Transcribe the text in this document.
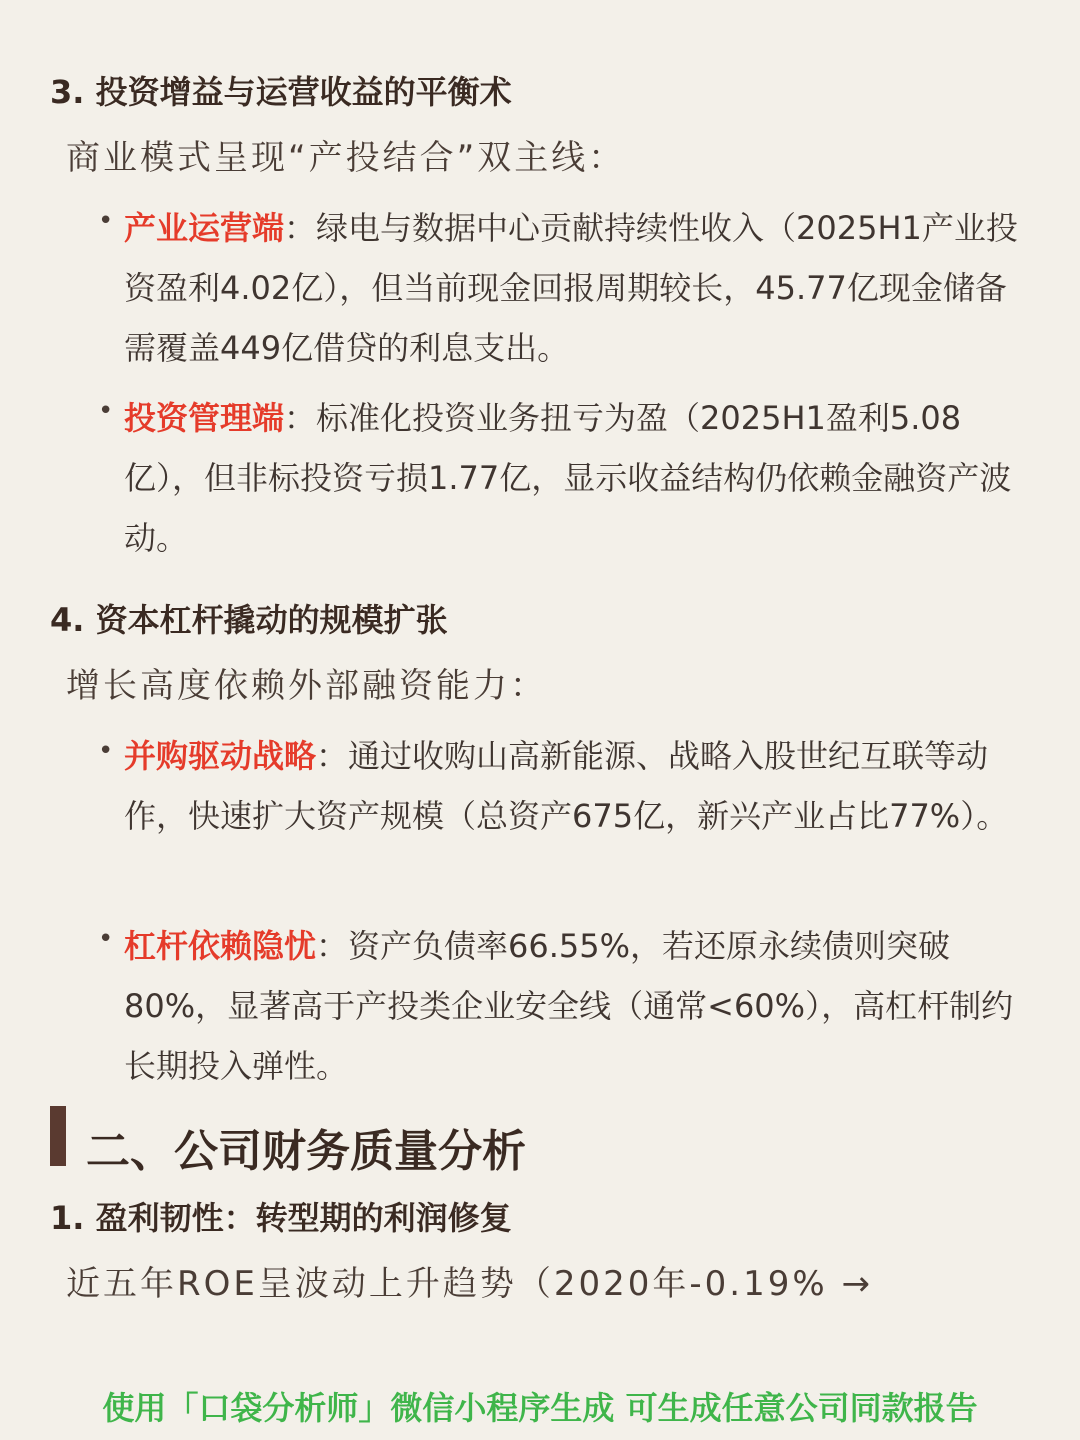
3. 投资增益与运营收益的平衡术
商业模式呈现“产投结合”双主线：
• 产业运营端：绿电与数据中心贡献持续性收入（2025H1产业投资盈利4.02亿），但当前现金回报周期较长，45.77亿现金储备需覆盖449亿借贷的利息支出。

• 投资管理端：标准化投资业务扭亏为盈（2025H1盈利5.08亿），但非标投资亏损1.77亿，显示收益结构仍依赖金融资产波动。

4. 资本杠杆撬动的规模扩张
增长高度依赖外部融资能力：
• 并购驱动战略：通过收购山高新能源、战略入股世纪互联等动作，快速扩大资产规模（总资产675亿，新兴产业占比77%）。

• 杠杆依赖隐忧：资产负债率66.55%，若还原永续债则突破80%，显著高于产投类企业安全线（通常<60%），高杠杆制约长期投入弹性。

二、公司财务质量分析
1. 盈利韧性：转型期的利润修复
近五年ROE呈波动上升趋势（2020年-0.19% →
使用「口袋分析师」微信小程序生成 可生成任意公司同款报告
